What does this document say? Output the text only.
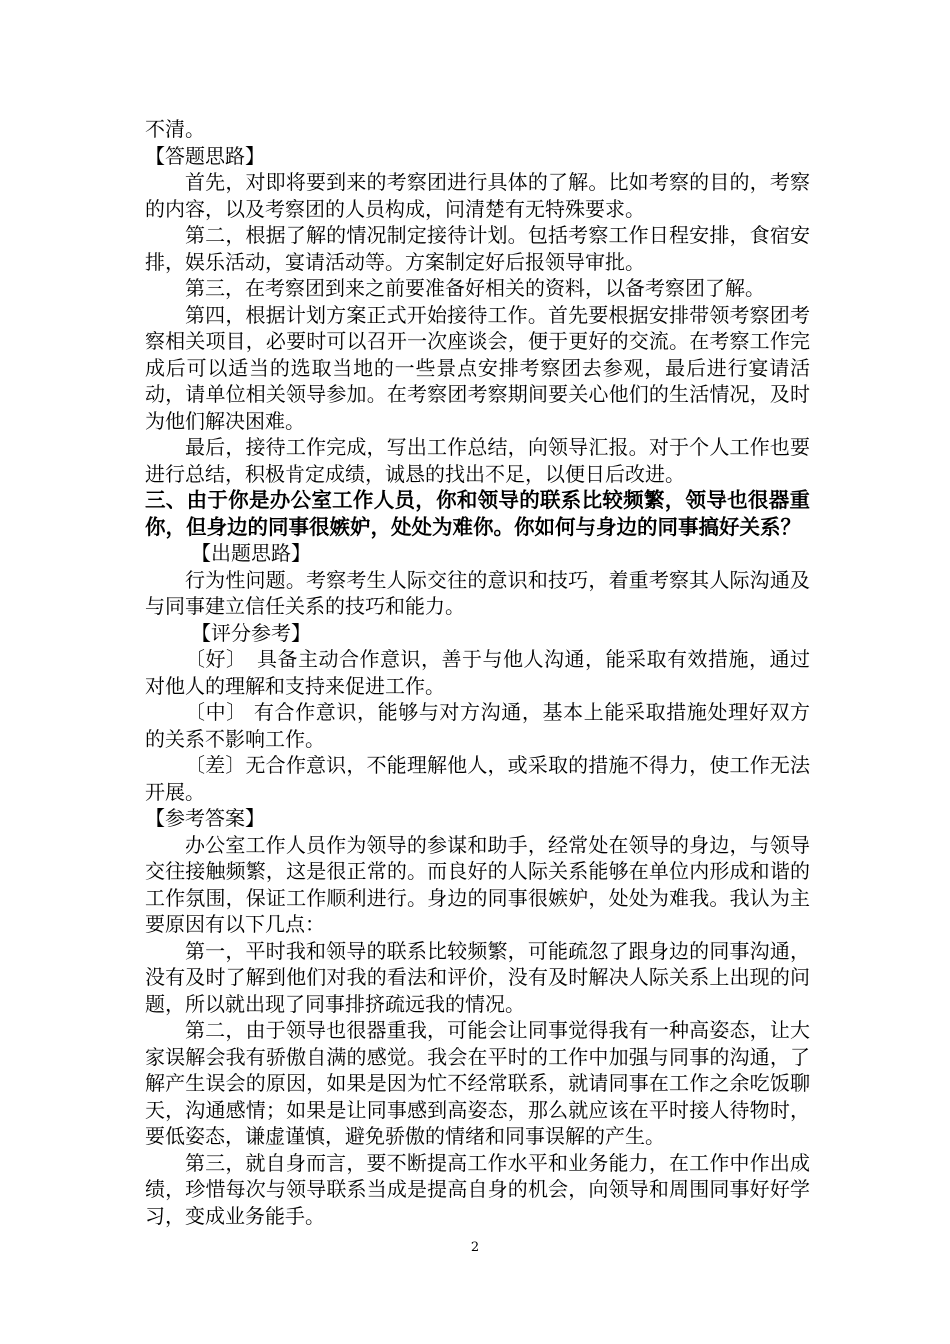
不清。

【答题思路】

首先，对即将要到来的考察团进行具体的了解。比如考察的目的，考察的内容，以及考察团的人员构成，问清楚有无特殊要求。

第二，根据了解的情况制定接待计划。包括考察工作日程安排，食宿安排，娱乐活动，宴请活动等。方案制定好后报领导审批。

第三，在考察团到来之前要准备好相关的资料，以备考察团了解。

第四，根据计划方案正式开始接待工作。首先要根据安排带领考察团考察相关项目，必要时可以召开一次座谈会，便于更好的交流。在考察工作完成后可以适当的选取当地的一些景点安排考察团去参观，最后进行宴请活动，请单位相关领导参加。在考察团考察期间要关心他们的生活情况，及时为他们解决困难。

最后，接待工作完成，写出工作总结，向领导汇报。对于个人工作也要进行总结，积极肯定成绩，诚恳的找出不足，以便日后改进。

三、由于你是办公室工作人员，你和领导的联系比较频繁，领导也很器重你，但身边的同事很嫉妒，处处为难你。你如何与身边的同事搞好关系？

【出题思路】

行为性问题。考察考生人际交往的意识和技巧，着重考察其人际沟通及与同事建立信任关系的技巧和能力。

【评分参考】

〔好〕　具备主动合作意识，善于与他人沟通，能采取有效措施，通过对他人的理解和支持来促进工作。

〔中〕 有合作意识，能够与对方沟通，基本上能采取措施处理好双方的关系不影响工作。

〔差〕无合作意识，不能理解他人，或采取的措施不得力，使工作无法开展。

【参考答案】

办公室工作人员作为领导的参谋和助手，经常处在领导的身边，与领导交往接触频繁，这是很正常的。而良好的人际关系能够在单位内形成和谐的工作氛围，保证工作顺利进行。身边的同事很嫉妒，处处为难我。我认为主要原因有以下几点：

第一，平时我和领导的联系比较频繁，可能疏忽了跟身边的同事沟通，没有及时了解到他们对我的看法和评价，没有及时解决人际关系上出现的问题，所以就出现了同事排挤疏远我的情况。

第二，由于领导也很器重我，可能会让同事觉得我有一种高姿态，让大家误解会我有骄傲自满的感觉。我会在平时的工作中加强与同事的沟通，了解产生误会的原因，如果是因为忙不经常联系，就请同事在工作之余吃饭聊天，沟通感情；如果是让同事感到高姿态，那么就应该在平时接人待物时，要低姿态，谦虚谨慎，避免骄傲的情绪和同事误解的产生。

第三，就自身而言，要不断提高工作水平和业务能力，在工作中作出成绩，珍惜每次与领导联系当成是提高自身的机会，向领导和周围同事好好学习，变成业务能手。

2
